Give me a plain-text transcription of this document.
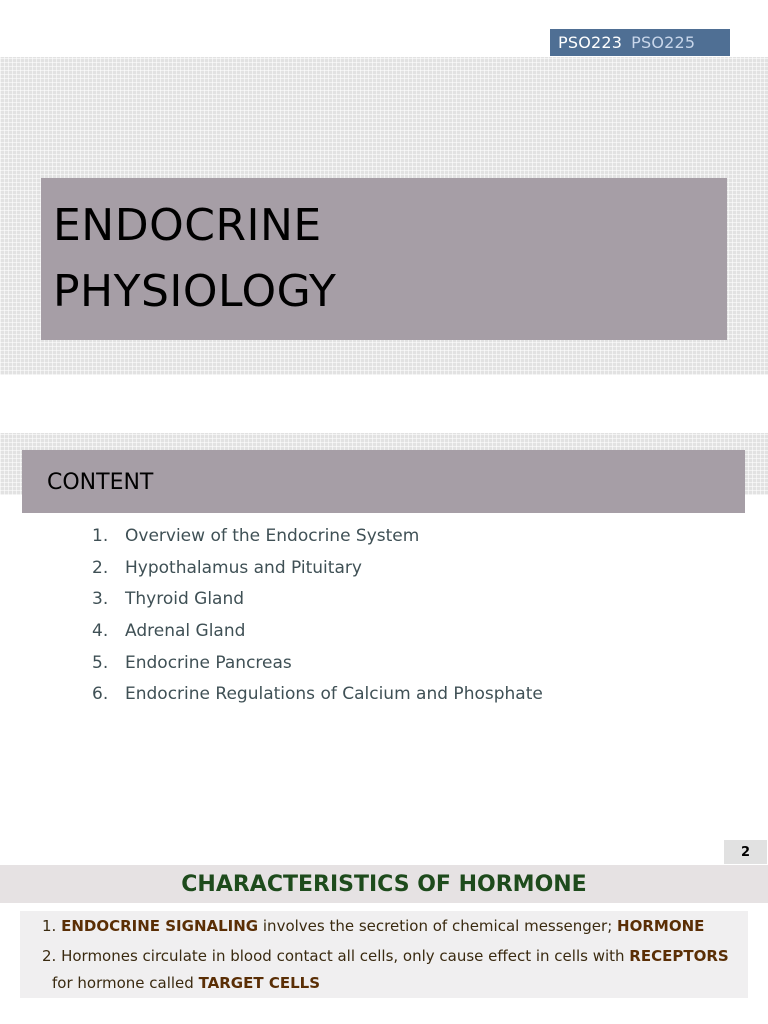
PSO223 PSO225
ENDOCRINE
PHYSIOLOGY
CONTENT
1. Overview of the Endocrine System
2. Hypothalamus and Pituitary
3. Thyroid Gland
4. Adrenal Gland
5. Endocrine Pancreas
6. Endocrine Regulations of Calcium and Phosphate
2
CHARACTERISTICS OF HORMONE
1. ENDOCRINE SIGNALING involves the secretion of chemical messenger; HORMONE
2. Hormones circulate in blood contact all cells, only cause effect in cells with RECEPTORS
for hormone called TARGET CELLS
